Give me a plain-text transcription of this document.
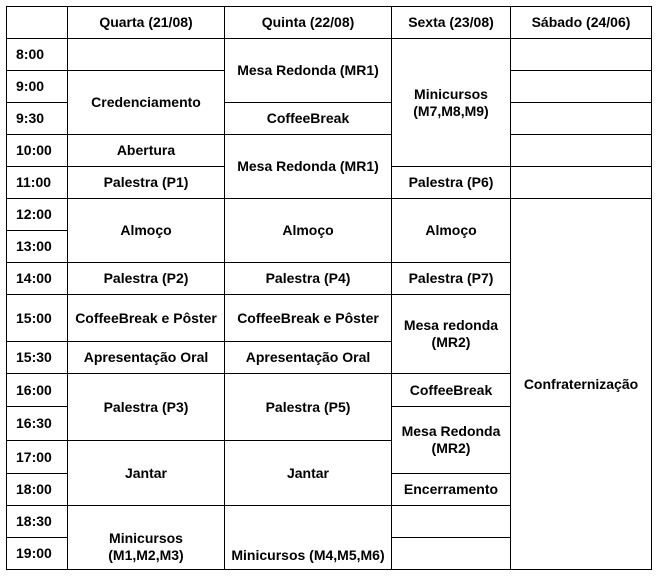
	Quarta (21/08)	Quinta (22/08)	Sexta (23/08)	Sábado (24/06)
8:00		Mesa Redonda (MR1)	Minicursos (M7,M8,M9)	
9:00	Credenciamento			
9:30		CoffeeBreak		
10:00	Abertura	Mesa Redonda (MR1)		
11:00	Palestra (P1)		Palestra (P6)	
12:00	Almoço	Almoço	Almoço	Confraternização
13:00				
14:00	Palestra (P2)	Palestra (P4)	Palestra (P7)	
15:00	CoffeeBreak e Pôster	CoffeeBreak e Pôster	Mesa redonda (MR2)	
15:30	Apresentação Oral	Apresentação Oral		
16:00	Palestra (P3)	Palestra (P5)	CoffeeBreak	
16:30			Mesa Redonda (MR2)	
17:00	Jantar	Jantar		
18:00			Encerramento	
18:30	Minicursos (M1,M2,M3)	Minicursos (M4,M5,M6)		
19:00				
